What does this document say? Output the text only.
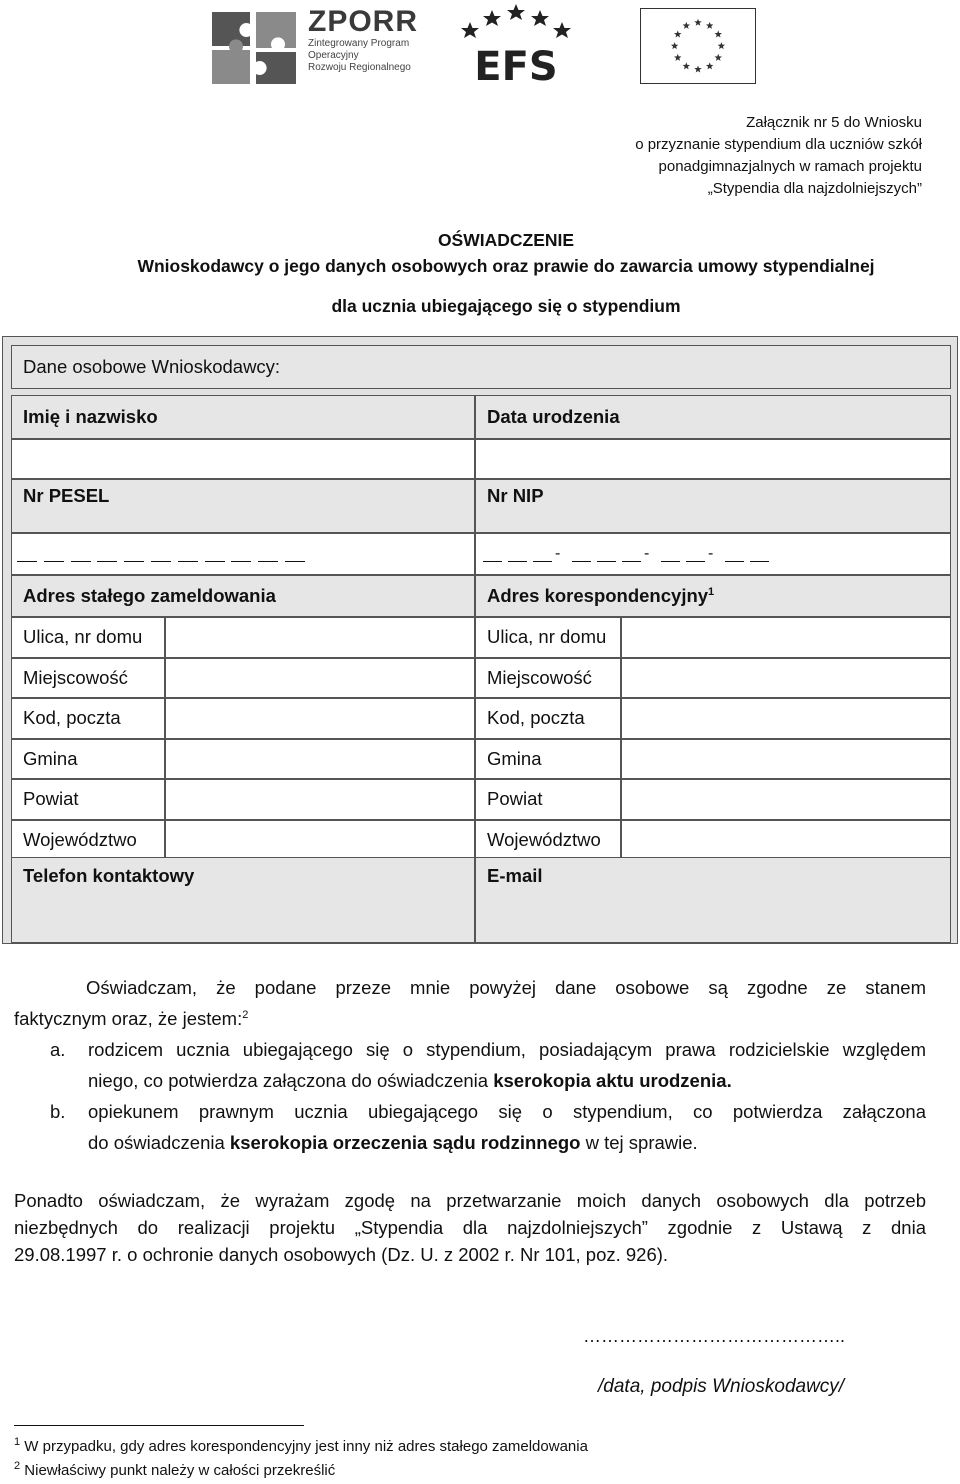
ZPORR
Zintegrowany Program
Operacyjny
Rozwoju Regionalnego EFS
Załącznik nr 5 do Wniosku
o przyznanie stypendium dla uczniów szkół
ponadgimnazjalnych w ramach projektu
„Stypendia dla najzdolniejszych”
OŚWIADCZENIE
Wnioskodawcy o jego danych osobowych oraz prawie do zawarcia umowy stypendialnej
dla ucznia ubiegającego się o stypendium
Dane osobowe Wnioskodawcy:
Imię i nazwisko	Data urodzenia
Nr PESEL	Nr NIP
-	-	-
Adres stałego zameldowania	Adres korespondencyjny$^1$
Ulica, nr domu	Ulica, nr domu
Miejscowość	Miejscowość
Kod, poczta	Kod, poczta
Gmina	Gmina
Powiat	Powiat
Województwo	Województwo
Telefon kontaktowy	E-mail
Oświadczam, że podane przeze mnie powyżej dane osobowe są zgodne ze stanem
faktycznym oraz, że jestem:$^2$
a. rodzicem ucznia ubiegającego się o stypendium, posiadającym prawa rodzicielskie względem
niego, co potwierdza załączona do oświadczenia kserokopia aktu urodzenia.
b. opiekunem prawnym ucznia ubiegającego się o stypendium, co potwierdza załączona
do oświadczenia kserokopia orzeczenia sądu rodzinnego w tej sprawie.
Ponadto oświadczam, że wyrażam zgodę na przetwarzanie moich danych osobowych dla potrzeb
niezbędnych do realizacji projektu „Stypendia dla najzdolniejszych” zgodnie z Ustawą z dnia
29.08.1997 r. o ochronie danych osobowych (Dz. U. z 2002 r. Nr 101, poz. 926).
……………………………………..
/data, podpis Wnioskodawcy/
$^1$ W przypadku, gdy adres korespondencyjny jest inny niż adres stałego zameldowania
$^2$ Niewłaściwy punkt należy w całości przekreślić
